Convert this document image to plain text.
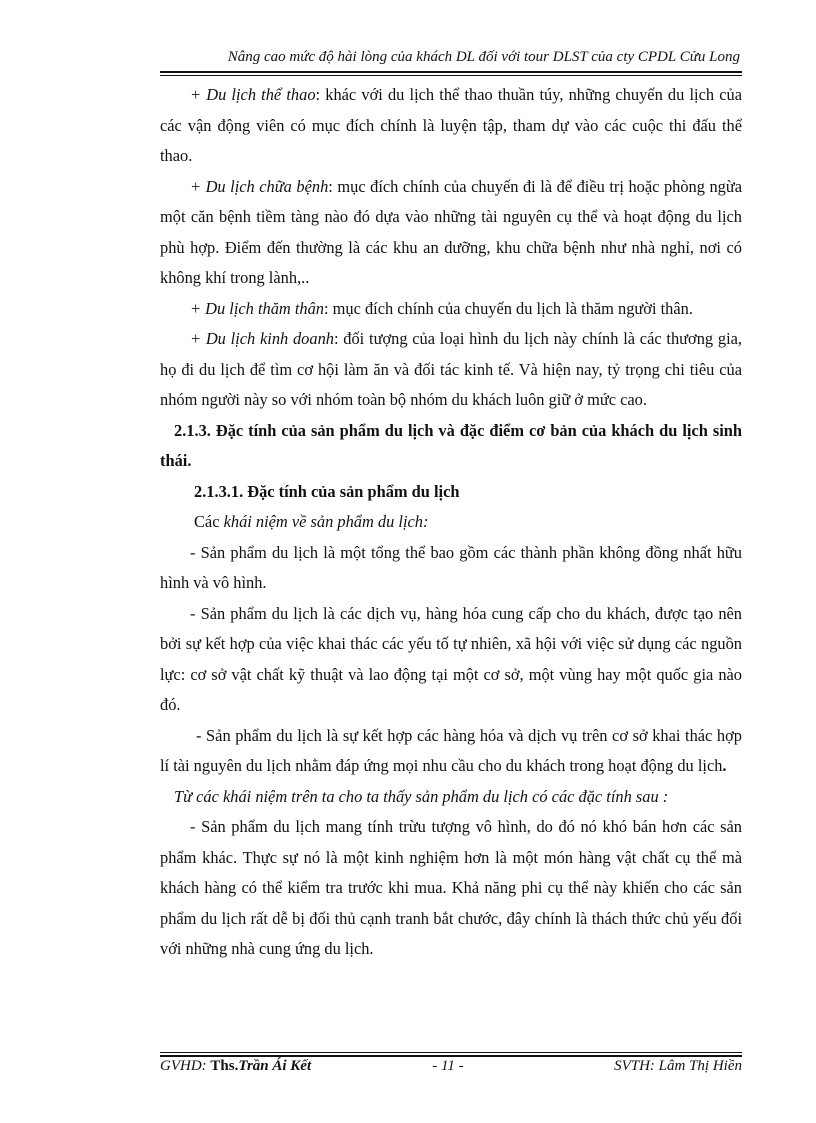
Nâng cao mức độ hài lòng của khách DL đối với tour DLST của cty CPDL Cửu Long

+ Du lịch thể thao: khác với du lịch thể thao thuần túy, những chuyến du lịch của các vận động viên có mục đích chính là luyện tập, tham dự vào các cuộc thi đấu thể thao.

+ Du lịch chữa bệnh: mục đích chính của chuyến đi là để điều trị hoặc phòng ngừa một căn bệnh tiềm tàng nào đó dựa vào những tài nguyên cụ thể và hoạt động du lịch phù hợp. Điểm đến thường là các khu an dưỡng, khu chữa bệnh như nhà nghỉ, nơi có không khí trong lành,..

+ Du lịch thăm thân: mục đích chính của chuyến du lịch là thăm người thân.

+ Du lịch kinh doanh: đối tượng của loại hình du lịch này chính là các thương gia, họ đi du lịch để tìm cơ hội làm ăn và đối tác kinh tế. Và hiện nay, tỷ trọng chi tiêu của nhóm người này so với nhóm toàn bộ nhóm du khách luôn giữ ở mức cao.

2.1.3. Đặc tính của sản phẩm du lịch và đặc điểm cơ bản của khách du lịch sinh thái.

2.1.3.1. Đặc tính của sản phẩm du lịch

Các khái niệm về sản phẩm du lịch:

- Sản phẩm du lịch là một tổng thể bao gồm các thành phần không đồng nhất hữu hình và vô hình.

- Sản phẩm du lịch là các dịch vụ, hàng hóa cung cấp cho du khách, được tạo nên bởi sự kết hợp của việc khai thác các yếu tố tự nhiên, xã hội với việc sử dụng các nguồn lực: cơ sở vật chất kỹ thuật và lao động tại một cơ sở, một vùng hay một quốc gia nào đó.

- Sản phẩm du lịch là sự kết hợp các hàng hóa và dịch vụ trên cơ sở khai thác hợp lí tài nguyên du lịch nhằm đáp ứng mọi nhu cầu cho du khách trong hoạt động du lịch.

Từ các khái niệm trên ta cho ta thấy sản phẩm du lịch có các đặc tính sau :

- Sản phẩm du lịch mang tính trừu tượng vô hình, do đó nó khó bán hơn các sản phẩm khác. Thực sự nó là một kinh nghiệm hơn là một món hàng vật chất cụ thể mà khách hàng có thể kiểm tra trước khi mua. Khả năng phi cụ thể này khiến cho các sản phẩm du lịch rất dễ bị đối thủ cạnh tranh bắt chước, đây chính là thách thức chủ yếu đối với những nhà cung ứng du lịch.

GVHD: Ths.Trần Ái Kết	- 11 -	SVTH: Lâm Thị Hiền
